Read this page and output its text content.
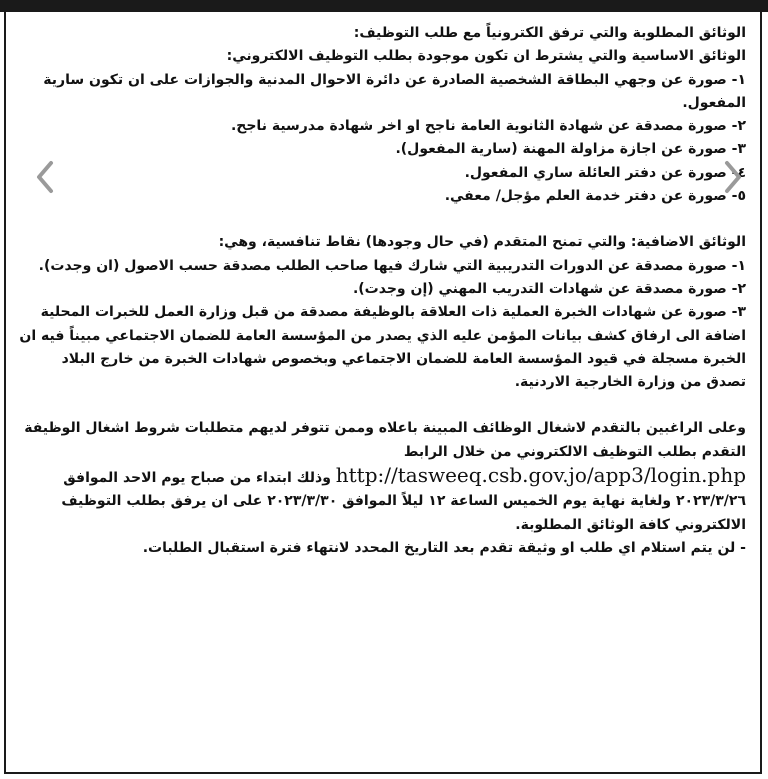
الوثائق المطلوبة والتي ترفق الكترونياً مع طلب التوظيف:

الوثائق الاساسية والتي يشترط ان تكون موجودة بطلب التوظيف الالكتروني:

١- صورة عن وجهي البطاقة الشخصية الصادرة عن دائرة الاحوال المدنية والجوازات على ان تكون سارية المفعول.

٢- صورة مصدقة عن شهادة الثانوية العامة ناجح او اخر شهادة مدرسية ناجح.

٣- صورة عن اجازة مزاولة المهنة (سارية المفعول).

٤- صورة عن دفتر العائلة ساري المفعول.

٥- صورة عن دفتر خدمة العلم مؤجل/ معفي.

الوثائق الاضافية: والتي تمنح المتقدم (في حال وجودها) نقاط تنافسية، وهي:

١- صورة مصدقة عن الدورات التدريبية التي شارك فيها صاحب الطلب مصدقة حسب الاصول (ان وجدت).

٢- صورة مصدقة عن شهادات التدريب المهني (إن وجدت).

٣- صورة عن شهادات الخبرة العملية ذات العلاقة بالوظيفة مصدقة من قبل وزارة العمل للخبرات المحلية اضافة الى ارفاق كشف بيانات المؤمن عليه الذي يصدر من المؤسسة العامة للضمان الاجتماعي مبيناً فيه ان الخبرة مسجلة في قيود المؤسسة العامة للضمان الاجتماعي وبخصوص شهادات الخبرة من خارج البلاد تصدق من وزارة الخارجية الاردنية.

وعلى الراغبين بالتقدم لاشغال الوظائف المبينة باعلاه وممن تتوفر لديهم متطلبات شروط اشغال الوظيفة التقدم بطلب التوظيف الالكتروني من خلال الرابط http://tasweeq.csb.gov.jo/app3/login.php وذلك ابتداء من صباح يوم الاحد الموافق ٢٠٢٣/٣/٢٦ ولغاية نهاية يوم الخميس الساعة ١٢ ليلاً الموافق ٢٠٢٣/٣/٣٠ على ان يرفق بطلب التوظيف الالكتروني كافة الوثائق المطلوبة.

- لن يتم استلام اي طلب او وثيقة تقدم بعد التاريخ المحدد لانتهاء فترة استقبال الطلبات.
